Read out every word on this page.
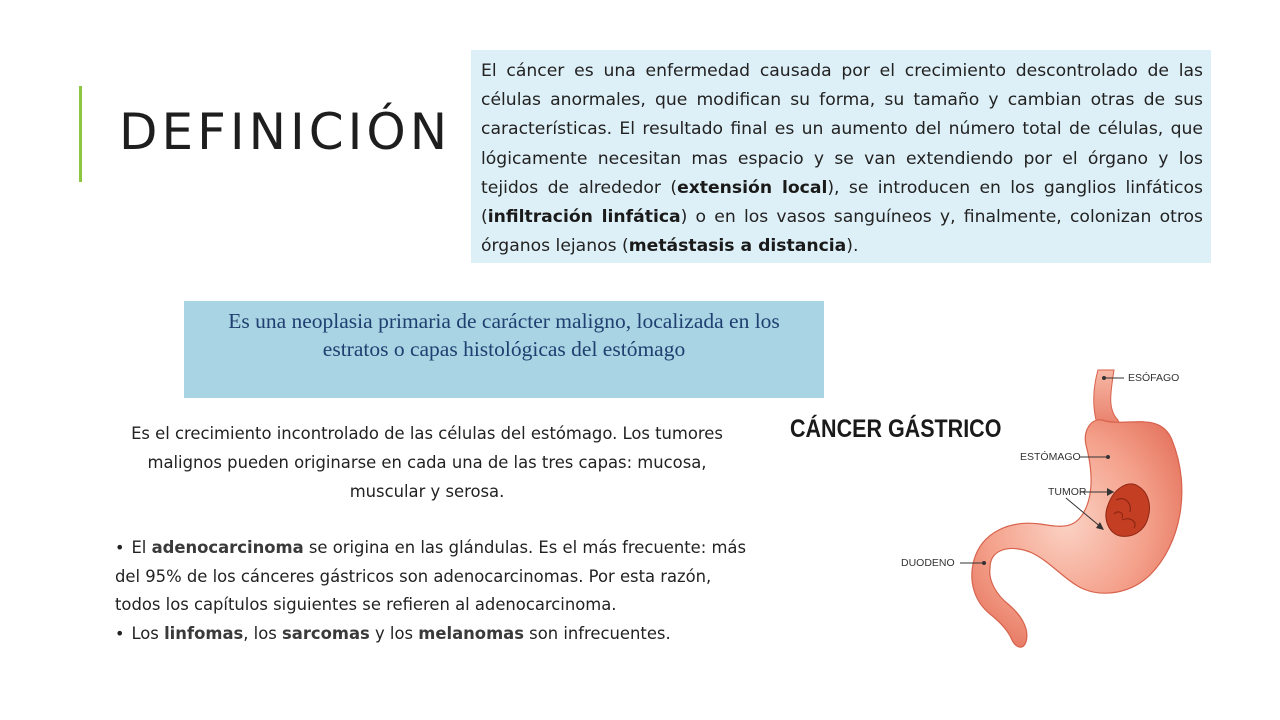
DEFINICIÓN
El cáncer es una enfermedad causada por el crecimiento descontrolado de las células anormales, que modifican su forma, su tamaño y cambian otras de sus características. El resultado final es un aumento del número total de células, que lógicamente necesitan mas espacio y se van extendiendo por el órgano y los tejidos de alrededor (extensión local), se introducen en los ganglios linfáticos (infiltración linfática) o en los vasos sanguíneos y, finalmente, colonizan otros órganos lejanos (metástasis a distancia).
Es una neoplasia primaria de carácter maligno, localizada en los estratos o capas histológicas del estómago

Es el crecimiento incontrolado de las células del estómago. Los tumores malignos pueden originarse en cada una de las tres capas: mucosa, muscular y serosa.

• El adenocarcinoma se origina en las glándulas. Es el más frecuente: más del 95% de los cánceres gástricos son adenocarcinomas. Por esta razón, todos los capítulos siguientes se refieren al adenocarcinoma.
• Los linfomas, los sarcomas y los melanomas son infrecuentes.
CÁNCER GÁSTRICO
ESÓFAGO
ESTÓMAGO
TUMOR
DUODENO
